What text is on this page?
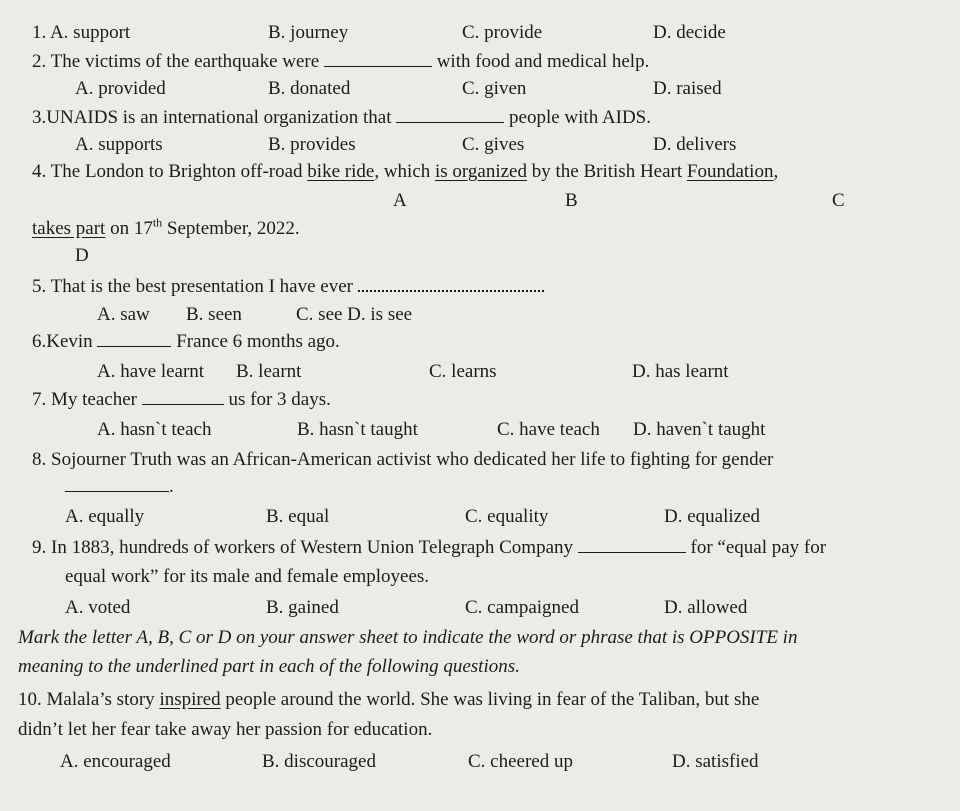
1. A. support	B. journey	C. provide	D. decide
2. The victims of the earthquake were	with food and medical help.
A. provided	B. donated	C. given	D. raised
3.UNAIDS is an international organization that	people with AIDS.
A. supports	B. provides	C. gives	D. delivers
4. The London to Brighton off-road bike ride, which is organized by the British Heart Foundation,
A	B	C
takes part on 17th September, 2022.
D
5. That is the best presentation I have ever
A. saw B. seen	C. see D. is see
6.Kevin	France 6 months ago.
A. have learnt B. learnt	C. learns	D. has learnt
7. My teacher	us for 3 days.
A. hasn`t teach	B. hasn`t taught	C. have teach D. haven`t taught
8. Sojourner Truth was an African-American activist who dedicated her life to fighting for gender
.
A. equally	B. equal	C. equality	D. equalized
9. In 1883, hundreds of workers of Western Union Telegraph Company	for “equal pay for
equal work” for its male and female employees.
A. voted	B. gained	C. campaigned	D. allowed
Mark the letter A, B, C or D on your answer sheet to indicate the word or phrase that is OPPOSITE in
meaning to the underlined part in each of the following questions.
10. Malala’s story inspired people around the world. She was living in fear of the Taliban, but she
didn’t let her fear take away her passion for education.
A. encouraged	B. discouraged	C. cheered up	D. satisfied
